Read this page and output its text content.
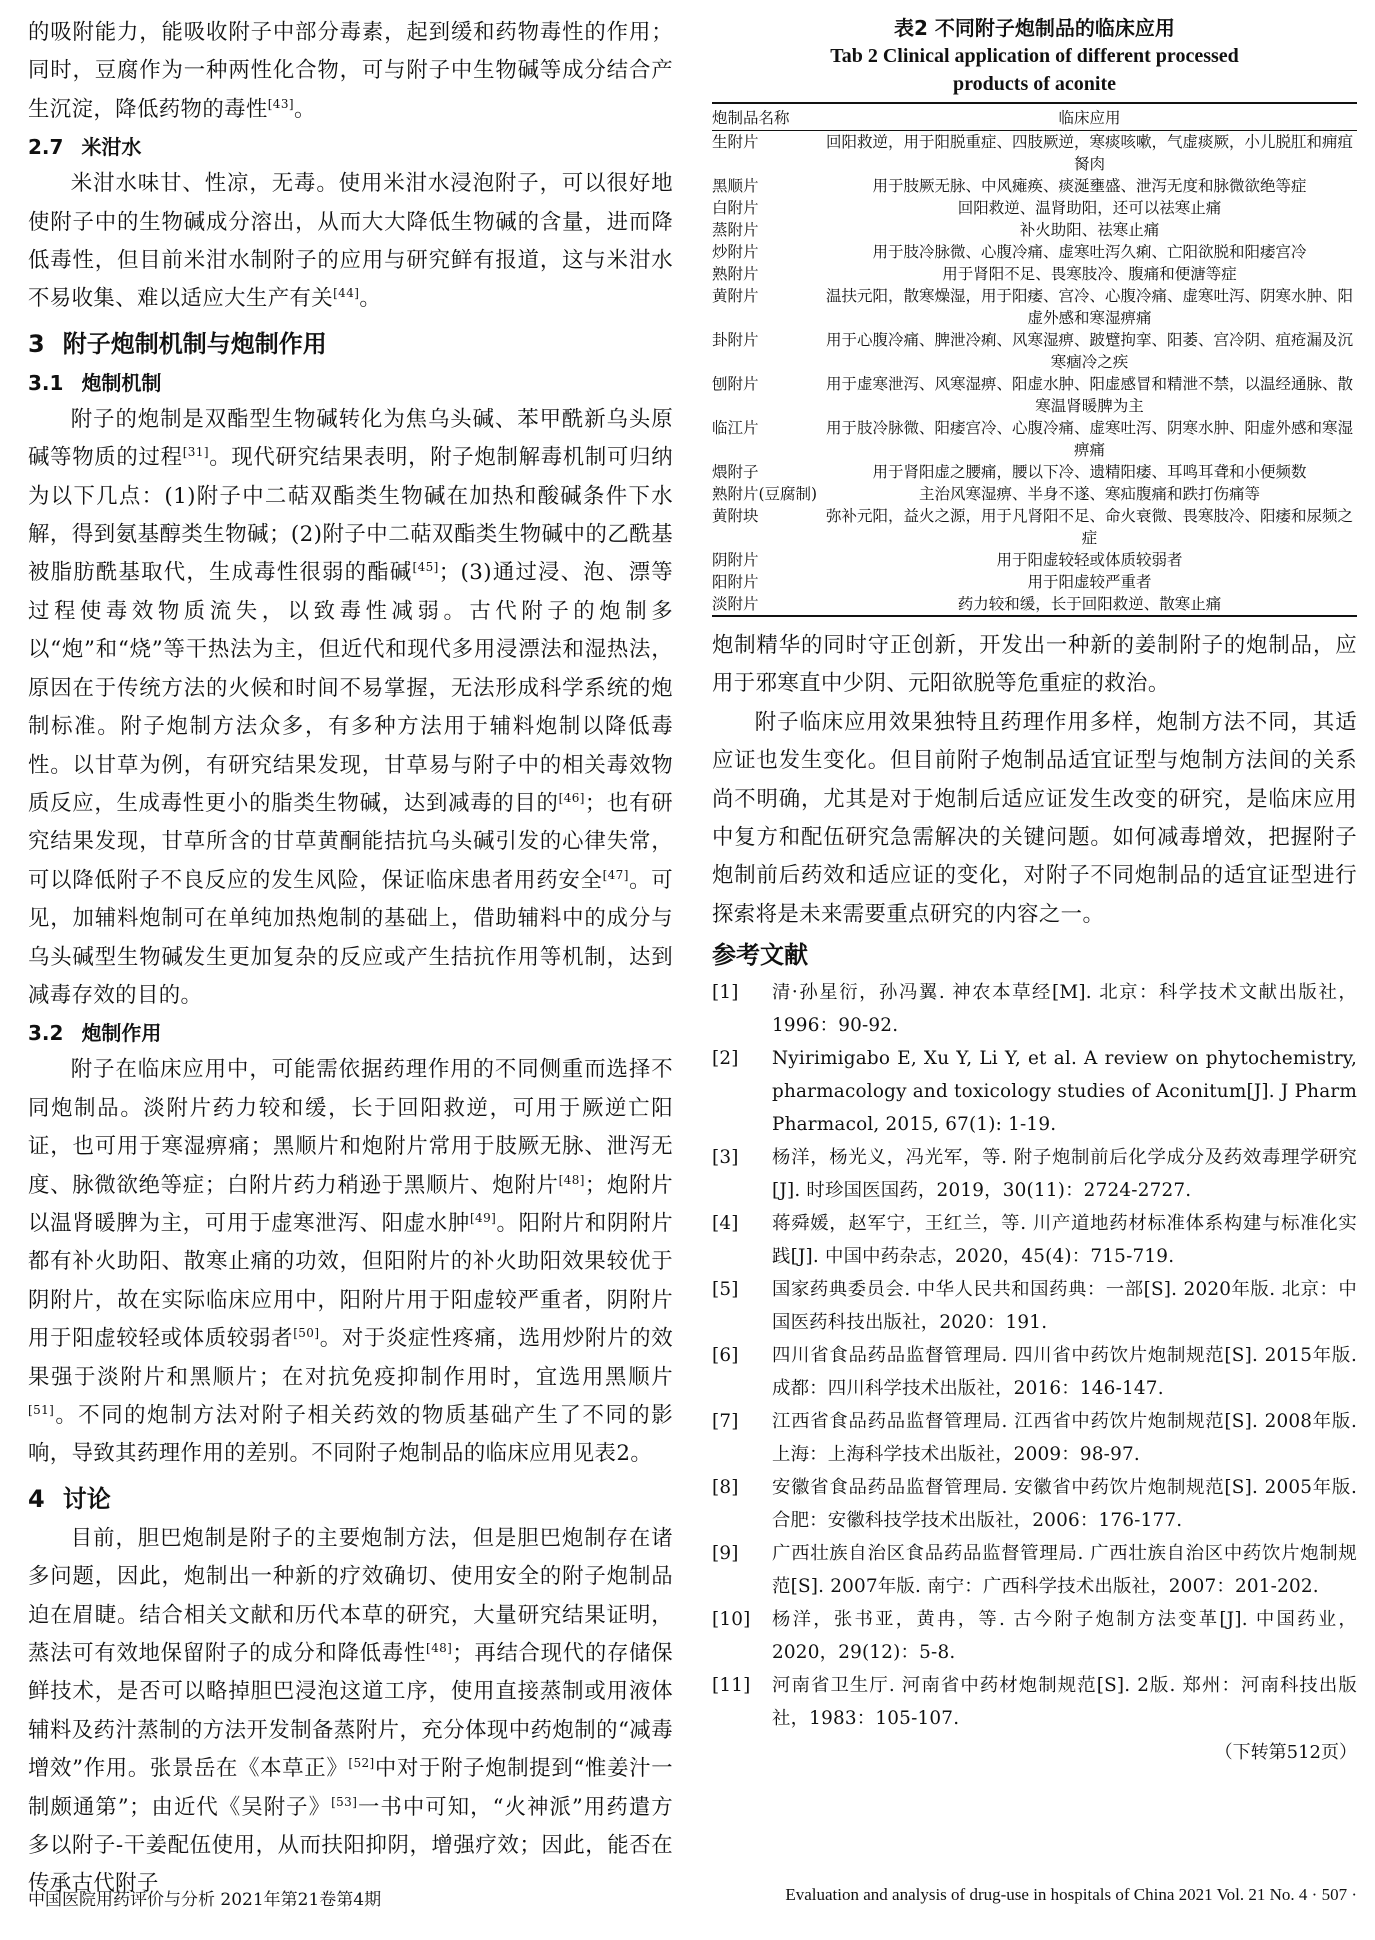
的吸附能力，能吸收附子中部分毒素，起到缓和药物毒性的作用；同时，豆腐作为一种两性化合物，可与附子中生物碱等成分结合产生沉淀，降低药物的毒性[43]。

2.7 米泔水

米泔水味甘、性凉，无毒。使用米泔水浸泡附子，可以很好地使附子中的生物碱成分溶出，从而大大降低生物碱的含量，进而降低毒性，但目前米泔水制附子的应用与研究鲜有报道，这与米泔水不易收集、难以适应大生产有关[44]。

3 附子炮制机制与炮制作用
3.1 炮制机制

附子的炮制是双酯型生物碱转化为焦乌头碱、苯甲酰新乌头原碱等物质的过程[31]。现代研究结果表明，附子炮制解毒机制可归纳为以下几点：(1)附子中二萜双酯类生物碱在加热和酸碱条件下水解，得到氨基醇类生物碱；(2)附子中二萜双酯类生物碱中的乙酰基被脂肪酰基取代，生成毒性很弱的酯碱[45]；(3)通过浸、泡、漂等过程使毒效物质流失，以致毒性减弱。古代附子的炮制多以“炮”和“烧”等干热法为主，但近代和现代多用浸漂法和湿热法，原因在于传统方法的火候和时间不易掌握，无法形成科学系统的炮制标准。附子炮制方法众多，有多种方法用于辅料炮制以降低毒性。以甘草为例，有研究结果发现，甘草易与附子中的相关毒效物质反应，生成毒性更小的脂类生物碱，达到减毒的目的[46]；也有研究结果发现，甘草所含的甘草黄酮能拮抗乌头碱引发的心律失常，可以降低附子不良反应的发生风险，保证临床患者用药安全[47]。可见，加辅料炮制可在单纯加热炮制的基础上，借助辅料中的成分与乌头碱型生物碱发生更加复杂的反应或产生拮抗作用等机制，达到减毒存效的目的。

3.2 炮制作用

附子在临床应用中，可能需依据药理作用的不同侧重而选择不同炮制品。淡附片药力较和缓，长于回阳救逆，可用于厥逆亡阳证，也可用于寒湿痹痛；黑顺片和炮附片常用于肢厥无脉、泄泻无度、脉微欲绝等症；白附片药力稍逊于黑顺片、炮附片[48]；炮附片以温肾暖脾为主，可用于虚寒泄泻、阳虚水肿[49]。阳附片和阴附片都有补火助阳、散寒止痛的功效，但阳附片的补火助阳效果较优于阴附片，故在实际临床应用中，阳附片用于阳虚较严重者，阴附片用于阳虚较轻或体质较弱者[50]。对于炎症性疼痛，选用炒附片的效果强于淡附片和黑顺片；在对抗免疫抑制作用时，宜选用黑顺片[51]。不同的炮制方法对附子相关药效的物质基础产生了不同的影响，导致其药理作用的差别。不同附子炮制品的临床应用见表2。

4 讨论

目前，胆巴炮制是附子的主要炮制方法，但是胆巴炮制存在诸多问题，因此，炮制出一种新的疗效确切、使用安全的附子炮制品迫在眉睫。结合相关文献和历代本草的研究，大量研究结果证明，蒸法可有效地保留附子的成分和降低毒性[48]；再结合现代的存储保鲜技术，是否可以略掉胆巴浸泡这道工序，使用直接蒸制或用液体辅料及药汁蒸制的方法开发制备蒸附片，充分体现中药炮制的“减毒增效”作用。张景岳在《本草正》[52]中对于附子炮制提到“惟姜汁一制颇通第”；由近代《吴附子》[53]一书中可知，“火神派”用药遣方多以附子-干姜配伍使用，从而扶阳抑阴，增强疗效；因此，能否在传承古代附子

表2 不同附子炮制品的临床应用
Tab 2 Clinical application of different processed
products of aconite
炮制品名称	临床应用
生附片	回阳救逆，用于阳脱重症、四肢厥逆，寒痰咳嗽，气虚痰厥，小儿脱肛和痈疽胬肉
黑顺片	用于肢厥无脉、中风瘫痪、痰涎壅盛、泄泻无度和脉微欲绝等症
白附片	回阳救逆、温肾助阳，还可以祛寒止痛
蒸附片	补火助阳、祛寒止痛
炒附片	用于肢冷脉微、心腹冷痛、虚寒吐泻久痢、亡阳欲脱和阳痿宫冷
熟附片	用于肾阳不足、畏寒肢冷、腹痛和便溏等症
黄附片	温扶元阳，散寒燥湿，用于阳痿、宫冷、心腹冷痛、虚寒吐泻、阴寒水肿、阳虚外感和寒湿痹痛
卦附片	用于心腹冷痛、脾泄冷痢、风寒湿痹、跛躄拘挛、阳萎、宫冷阴、疽疮漏及沉寒痼冷之疾
刨附片	用于虚寒泄泻、风寒湿痹、阳虚水肿、阳虚感冒和精泄不禁，以温经通脉、散寒温肾暖脾为主
临江片	用于肢冷脉微、阳痿宫冷、心腹冷痛、虚寒吐泻、阴寒水肿、阳虚外感和寒湿痹痛
煨附子	用于肾阳虚之腰痛，腰以下冷、遗精阳痿、耳鸣耳聋和小便频数
熟附片(豆腐制)	主治风寒湿痹、半身不遂、寒疝腹痛和跌打伤痛等
黄附块	弥补元阳，益火之源，用于凡肾阳不足、命火衰微、畏寒肢冷、阳痿和尿频之症
阴附片	用于阳虚较轻或体质较弱者
阳附片	用于阳虚较严重者
淡附片	药力较和缓，长于回阳救逆、散寒止痛

炮制精华的同时守正创新，开发出一种新的姜制附子的炮制品，应用于邪寒直中少阴、元阳欲脱等危重症的救治。

附子临床应用效果独特且药理作用多样，炮制方法不同，其适应证也发生变化。但目前附子炮制品适宜证型与炮制方法间的关系尚不明确，尤其是对于炮制后适应证发生改变的研究，是临床应用中复方和配伍研究急需解决的关键问题。如何减毒增效，把握附子炮制前后药效和适应证的变化，对附子不同炮制品的适宜证型进行探索将是未来需要重点研究的内容之一。

参考文献
[1]	清·孙星衍，孙冯翼. 神农本草经[M]. 北京：科学技术文献出版社，1996：90-92.
[2]	Nyirimigabo E, Xu Y, Li Y, et al. A review on phytochemistry, pharmacology and toxicology studies of Aconitum[J]. J Pharm Pharmacol, 2015, 67(1): 1-19.
[3]	杨洋，杨光义，冯光军，等. 附子炮制前后化学成分及药效毒理学研究[J]. 时珍国医国药，2019，30(11)：2724-2727.
[4]	蒋舜媛，赵军宁，王红兰，等. 川产道地药材标准体系构建与标准化实践[J]. 中国中药杂志，2020，45(4)：715-719.
[5]	国家药典委员会. 中华人民共和国药典：一部[S]. 2020年版. 北京：中国医药科技出版社，2020：191.
[6]	四川省食品药品监督管理局. 四川省中药饮片炮制规范[S]. 2015年版. 成都：四川科学技术出版社，2016：146-147.
[7]	江西省食品药品监督管理局. 江西省中药饮片炮制规范[S]. 2008年版. 上海：上海科学技术出版社，2009：98-97.
[8]	安徽省食品药品监督管理局. 安徽省中药饮片炮制规范[S]. 2005年版. 合肥：安徽科技学技术出版社，2006：176-177.
[9]	广西壮族自治区食品药品监督管理局. 广西壮族自治区中药饮片炮制规范[S]. 2007年版. 南宁：广西科学技术出版社，2007：201-202.
[10]	杨洋，张书亚，黄冉，等. 古今附子炮制方法变革[J]. 中国药业，2020，29(12)：5-8.
[11]	河南省卫生厅. 河南省中药材炮制规范[S]. 2版. 郑州：河南科技出版社，1983：105-107.
（下转第512页）
中国医院用药评价与分析 2021年第21卷第4期	Evaluation and analysis of drug-use in hospitals of China 2021 Vol. 21 No. 4 · 507 ·
